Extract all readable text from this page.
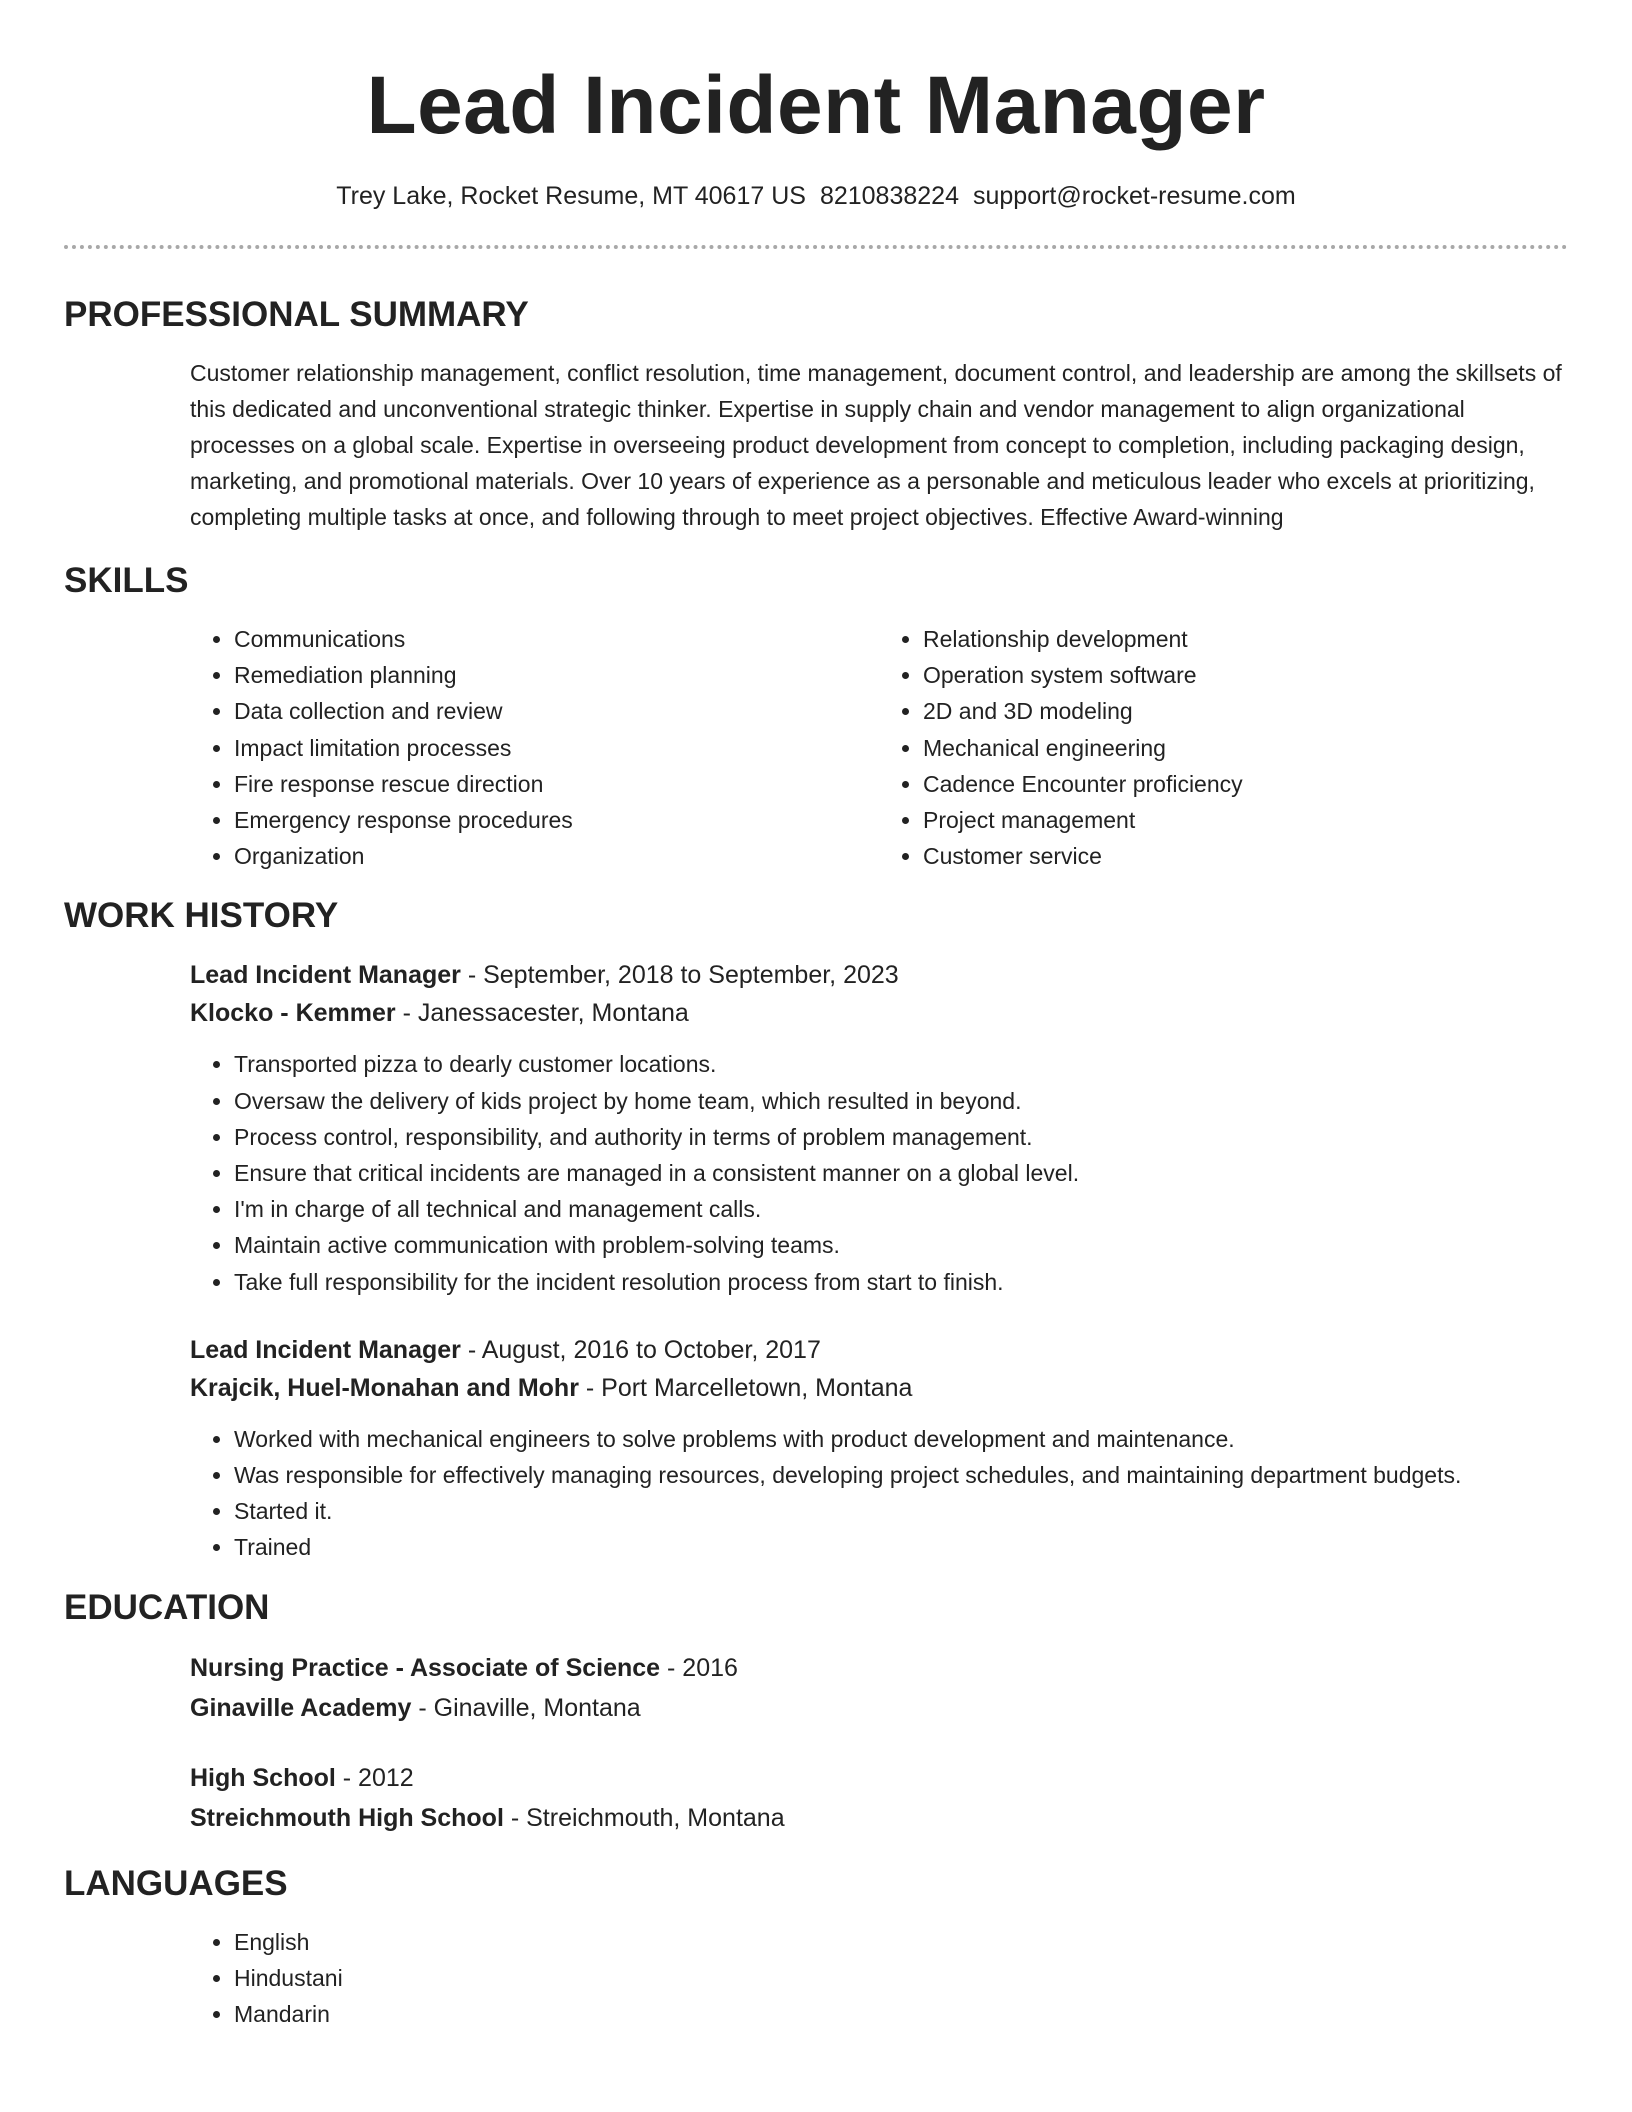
Lead Incident Manager
Trey Lake, Rocket Resume, MT 40617 US 8210838224 support@rocket-resume.com
PROFESSIONAL SUMMARY

Customer relationship management, conflict resolution, time management, document control, and leadership are among the skillsets of this dedicated and unconventional strategic thinker. Expertise in supply chain and vendor management to align organizational processes on a global scale. Expertise in overseeing product development from concept to completion, including packaging design, marketing, and promotional materials. Over 10 years of experience as a personable and meticulous leader who excels at prioritizing, completing multiple tasks at once, and following through to meet project objectives. Effective Award-winning

SKILLS
• Communications
• Remediation planning
• Data collection and review
• Impact limitation processes
• Fire response rescue direction
• Emergency response procedures
• Organization
• Relationship development
• Operation system software
• 2D and 3D modeling
• Mechanical engineering
• Cadence Encounter proficiency
• Project management
• Customer service
WORK HISTORY
Lead Incident Manager - September, 2018 to September, 2023
Klocko - Kemmer - Janessacester, Montana
• Transported pizza to dearly customer locations.
• Oversaw the delivery of kids project by home team, which resulted in beyond.
• Process control, responsibility, and authority in terms of problem management.
• Ensure that critical incidents are managed in a consistent manner on a global level.
• I'm in charge of all technical and management calls.
• Maintain active communication with problem-solving teams.
• Take full responsibility for the incident resolution process from start to finish.
Lead Incident Manager - August, 2016 to October, 2017
Krajcik, Huel-Monahan and Mohr - Port Marcelletown, Montana
• Worked with mechanical engineers to solve problems with product development and maintenance.
• Was responsible for effectively managing resources, developing project schedules, and maintaining department budgets.
• Started it.
• Trained
EDUCATION
Nursing Practice - Associate of Science - 2016
Ginaville Academy - Ginaville, Montana
High School - 2012
Streichmouth High School - Streichmouth, Montana
LANGUAGES
• English
• Hindustani
• Mandarin
